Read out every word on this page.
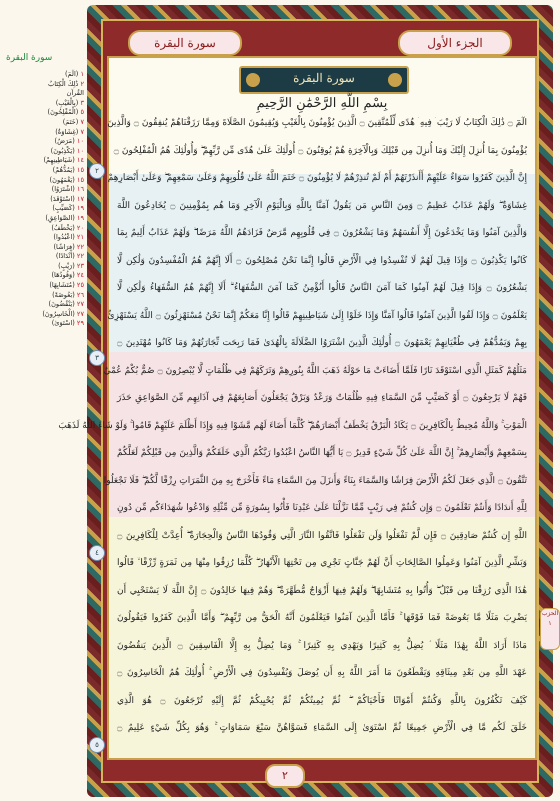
سورة البقرة
١ (الٓمٓ)
٢ ذَٰلِكَ الْكِتَابُ
القُرآن
٣ (بِالْغَيْبِ)
٥ (الْمُفْلِحُونَ)
٧ (خَتَمَ)
٧ (غِشَاوَةٌ)
١٠ (مَرَضٌ)
١٠ (يَكْذِبُونَ)
١٤ (شَيَاطِينِهِمْ)
١٥ (يَمُدُّهُمْ)
١٥ (يَعْمَهُونَ)
١٦ (اشْتَرَوُا)
١٧ (اسْتَوْقَدَ)
١٩ (كَصَيِّبٍ)
١٩ (الصَّوَاعِقِ)
٢٠ (يَخْطَفُ)
٢١ (اعْبُدُوا)
٢٢ (فِرَاشًا)
٢٢ (أَنْدَادًا)
٢٣ (رَيْبٍ)
٢٤ (وَقُودُهَا)
٢٥ (مُتَشَابِهًا)
٢٦ (بَعُوضَةً)
٢٧ (يَنْقُضُونَ)
٢٧ (الْخَاسِرُونَ)
٢٩ (اسْتَوَىٰ)
سورة البقرة	الجزء الأول
سورة البقرة
بِسْمِ اللَّهِ الرَّحْمَٰنِ الرَّحِيمِ
الٓمٓ ۝ ذَٰلِكَ الْكِتَابُ لَا رَيْبَ ۛ فِيهِ ۛ هُدًى لِّلْمُتَّقِينَ ۝ الَّذِينَ يُؤْمِنُونَ بِالْغَيْبِ وَيُقِيمُونَ الصَّلَاةَ وَمِمَّا رَزَقْنَاهُمْ يُنفِقُونَ ۝ وَالَّذِينَ
يُؤْمِنُونَ بِمَا أُنزِلَ إِلَيْكَ وَمَا أُنزِلَ مِن قَبْلِكَ وَبِالْآخِرَةِ هُمْ يُوقِنُونَ ۝ أُولَٰئِكَ عَلَىٰ هُدًى مِّن رَّبِّهِمْ ۖ وَأُولَٰئِكَ هُمُ الْمُفْلِحُونَ ۝
إِنَّ الَّذِينَ كَفَرُوا سَوَاءٌ عَلَيْهِمْ أَأَنذَرْتَهُمْ أَمْ لَمْ تُنذِرْهُمْ لَا يُؤْمِنُونَ ۝ خَتَمَ اللَّهُ عَلَىٰ قُلُوبِهِمْ وَعَلَىٰ سَمْعِهِمْ ۖ وَعَلَىٰ أَبْصَارِهِمْ
غِشَاوَةٌ ۖ وَلَهُمْ عَذَابٌ عَظِيمٌ ۝ وَمِنَ النَّاسِ مَن يَقُولُ آمَنَّا بِاللَّهِ وَبِالْيَوْمِ الْآخِرِ وَمَا هُم بِمُؤْمِنِينَ ۝ يُخَادِعُونَ اللَّهَ
وَالَّذِينَ آمَنُوا وَمَا يَخْدَعُونَ إِلَّا أَنفُسَهُمْ وَمَا يَشْعُرُونَ ۝ فِي قُلُوبِهِم مَّرَضٌ فَزَادَهُمُ اللَّهُ مَرَضًا ۖ وَلَهُمْ عَذَابٌ أَلِيمٌ بِمَا
كَانُوا يَكْذِبُونَ ۝ وَإِذَا قِيلَ لَهُمْ لَا تُفْسِدُوا فِي الْأَرْضِ قَالُوا إِنَّمَا نَحْنُ مُصْلِحُونَ ۝ أَلَا إِنَّهُمْ هُمُ الْمُفْسِدُونَ وَلَٰكِن لَّا
يَشْعُرُونَ ۝ وَإِذَا قِيلَ لَهُمْ آمِنُوا كَمَا آمَنَ النَّاسُ قَالُوا أَنُؤْمِنُ كَمَا آمَنَ السُّفَهَاءُ ۗ أَلَا إِنَّهُمْ هُمُ السُّفَهَاءُ وَلَٰكِن لَّا
يَعْلَمُونَ ۝ وَإِذَا لَقُوا الَّذِينَ آمَنُوا قَالُوا آمَنَّا وَإِذَا خَلَوْا إِلَىٰ شَيَاطِينِهِمْ قَالُوا إِنَّا مَعَكُمْ إِنَّمَا نَحْنُ مُسْتَهْزِئُونَ ۝ اللَّهُ يَسْتَهْزِئُ
بِهِمْ وَيَمُدُّهُمْ فِي طُغْيَانِهِمْ يَعْمَهُونَ ۝ أُولَٰئِكَ الَّذِينَ اشْتَرَوُا الضَّلَالَةَ بِالْهُدَىٰ فَمَا رَبِحَت تِّجَارَتُهُمْ وَمَا كَانُوا مُهْتَدِينَ ۝
مَثَلُهُمْ كَمَثَلِ الَّذِي اسْتَوْقَدَ نَارًا فَلَمَّا أَضَاءَتْ مَا حَوْلَهُ ذَهَبَ اللَّهُ بِنُورِهِمْ وَتَرَكَهُمْ فِي ظُلُمَاتٍ لَّا يُبْصِرُونَ ۝ صُمٌّ بُكْمٌ عُمْيٌ
فَهُمْ لَا يَرْجِعُونَ ۝ أَوْ كَصَيِّبٍ مِّنَ السَّمَاءِ فِيهِ ظُلُمَاتٌ وَرَعْدٌ وَبَرْقٌ يَجْعَلُونَ أَصَابِعَهُمْ فِي آذَانِهِم مِّنَ الصَّوَاعِقِ حَذَرَ
الْمَوْتِ ۚ وَاللَّهُ مُحِيطٌ بِالْكَافِرِينَ ۝ يَكَادُ الْبَرْقُ يَخْطَفُ أَبْصَارَهُمْ ۖ كُلَّمَا أَضَاءَ لَهُم مَّشَوْا فِيهِ وَإِذَا أَظْلَمَ عَلَيْهِمْ قَامُوا ۚ وَلَوْ شَاءَ اللَّهُ لَذَهَبَ
بِسَمْعِهِمْ وَأَبْصَارِهِمْ ۚ إِنَّ اللَّهَ عَلَىٰ كُلِّ شَيْءٍ قَدِيرٌ ۝ يَا أَيُّهَا النَّاسُ اعْبُدُوا رَبَّكُمُ الَّذِي خَلَقَكُمْ وَالَّذِينَ مِن قَبْلِكُمْ لَعَلَّكُمْ
تَتَّقُونَ ۝ الَّذِي جَعَلَ لَكُمُ الْأَرْضَ فِرَاشًا وَالسَّمَاءَ بِنَاءً وَأَنزَلَ مِنَ السَّمَاءِ مَاءً فَأَخْرَجَ بِهِ مِنَ الثَّمَرَاتِ رِزْقًا لَّكُمْ ۖ فَلَا تَجْعَلُوا
لِلَّهِ أَندَادًا وَأَنتُمْ تَعْلَمُونَ ۝ وَإِن كُنتُمْ فِي رَيْبٍ مِّمَّا نَزَّلْنَا عَلَىٰ عَبْدِنَا فَأْتُوا بِسُورَةٍ مِّن مِّثْلِهِ وَادْعُوا شُهَدَاءَكُم مِّن دُونِ
اللَّهِ إِن كُنتُمْ صَادِقِينَ ۝ فَإِن لَّمْ تَفْعَلُوا وَلَن تَفْعَلُوا فَاتَّقُوا النَّارَ الَّتِي وَقُودُهَا النَّاسُ وَالْحِجَارَةُ ۖ أُعِدَّتْ لِلْكَافِرِينَ ۝
وَبَشِّرِ الَّذِينَ آمَنُوا وَعَمِلُوا الصَّالِحَاتِ أَنَّ لَهُمْ جَنَّاتٍ تَجْرِي مِن تَحْتِهَا الْأَنْهَارُ ۖ كُلَّمَا رُزِقُوا مِنْهَا مِن ثَمَرَةٍ رِّزْقًا ۙ قَالُوا
هَٰذَا الَّذِي رُزِقْنَا مِن قَبْلُ ۖ وَأُتُوا بِهِ مُتَشَابِهًا ۖ وَلَهُمْ فِيهَا أَزْوَاجٌ مُّطَهَّرَةٌ ۖ وَهُمْ فِيهَا خَالِدُونَ ۝ إِنَّ اللَّهَ لَا يَسْتَحْيِي أَن
يَضْرِبَ مَثَلًا مَّا بَعُوضَةً فَمَا فَوْقَهَا ۚ فَأَمَّا الَّذِينَ آمَنُوا فَيَعْلَمُونَ أَنَّهُ الْحَقُّ مِن رَّبِّهِمْ ۖ وَأَمَّا الَّذِينَ كَفَرُوا فَيَقُولُونَ
مَاذَا أَرَادَ اللَّهُ بِهَٰذَا مَثَلًا ۘ يُضِلُّ بِهِ كَثِيرًا وَيَهْدِي بِهِ كَثِيرًا ۚ وَمَا يُضِلُّ بِهِ إِلَّا الْفَاسِقِينَ ۝ الَّذِينَ يَنقُضُونَ
عَهْدَ اللَّهِ مِن بَعْدِ مِيثَاقِهِ وَيَقْطَعُونَ مَا أَمَرَ اللَّهُ بِهِ أَن يُوصَلَ وَيُفْسِدُونَ فِي الْأَرْضِ ۚ أُولَٰئِكَ هُمُ الْخَاسِرُونَ ۝
كَيْفَ تَكْفُرُونَ بِاللَّهِ وَكُنتُمْ أَمْوَاتًا فَأَحْيَاكُمْ ۖ ثُمَّ يُمِيتُكُمْ ثُمَّ يُحْيِيكُمْ ثُمَّ إِلَيْهِ تُرْجَعُونَ ۝ هُوَ الَّذِي
خَلَقَ لَكُم مَّا فِي الْأَرْضِ جَمِيعًا ثُمَّ اسْتَوَىٰ إِلَى السَّمَاءِ فَسَوَّاهُنَّ سَبْعَ سَمَاوَاتٍ ۚ وَهُوَ بِكُلِّ شَيْءٍ عَلِيمٌ ۝
٢
٣
٤
٥
الحزب ١
٢
